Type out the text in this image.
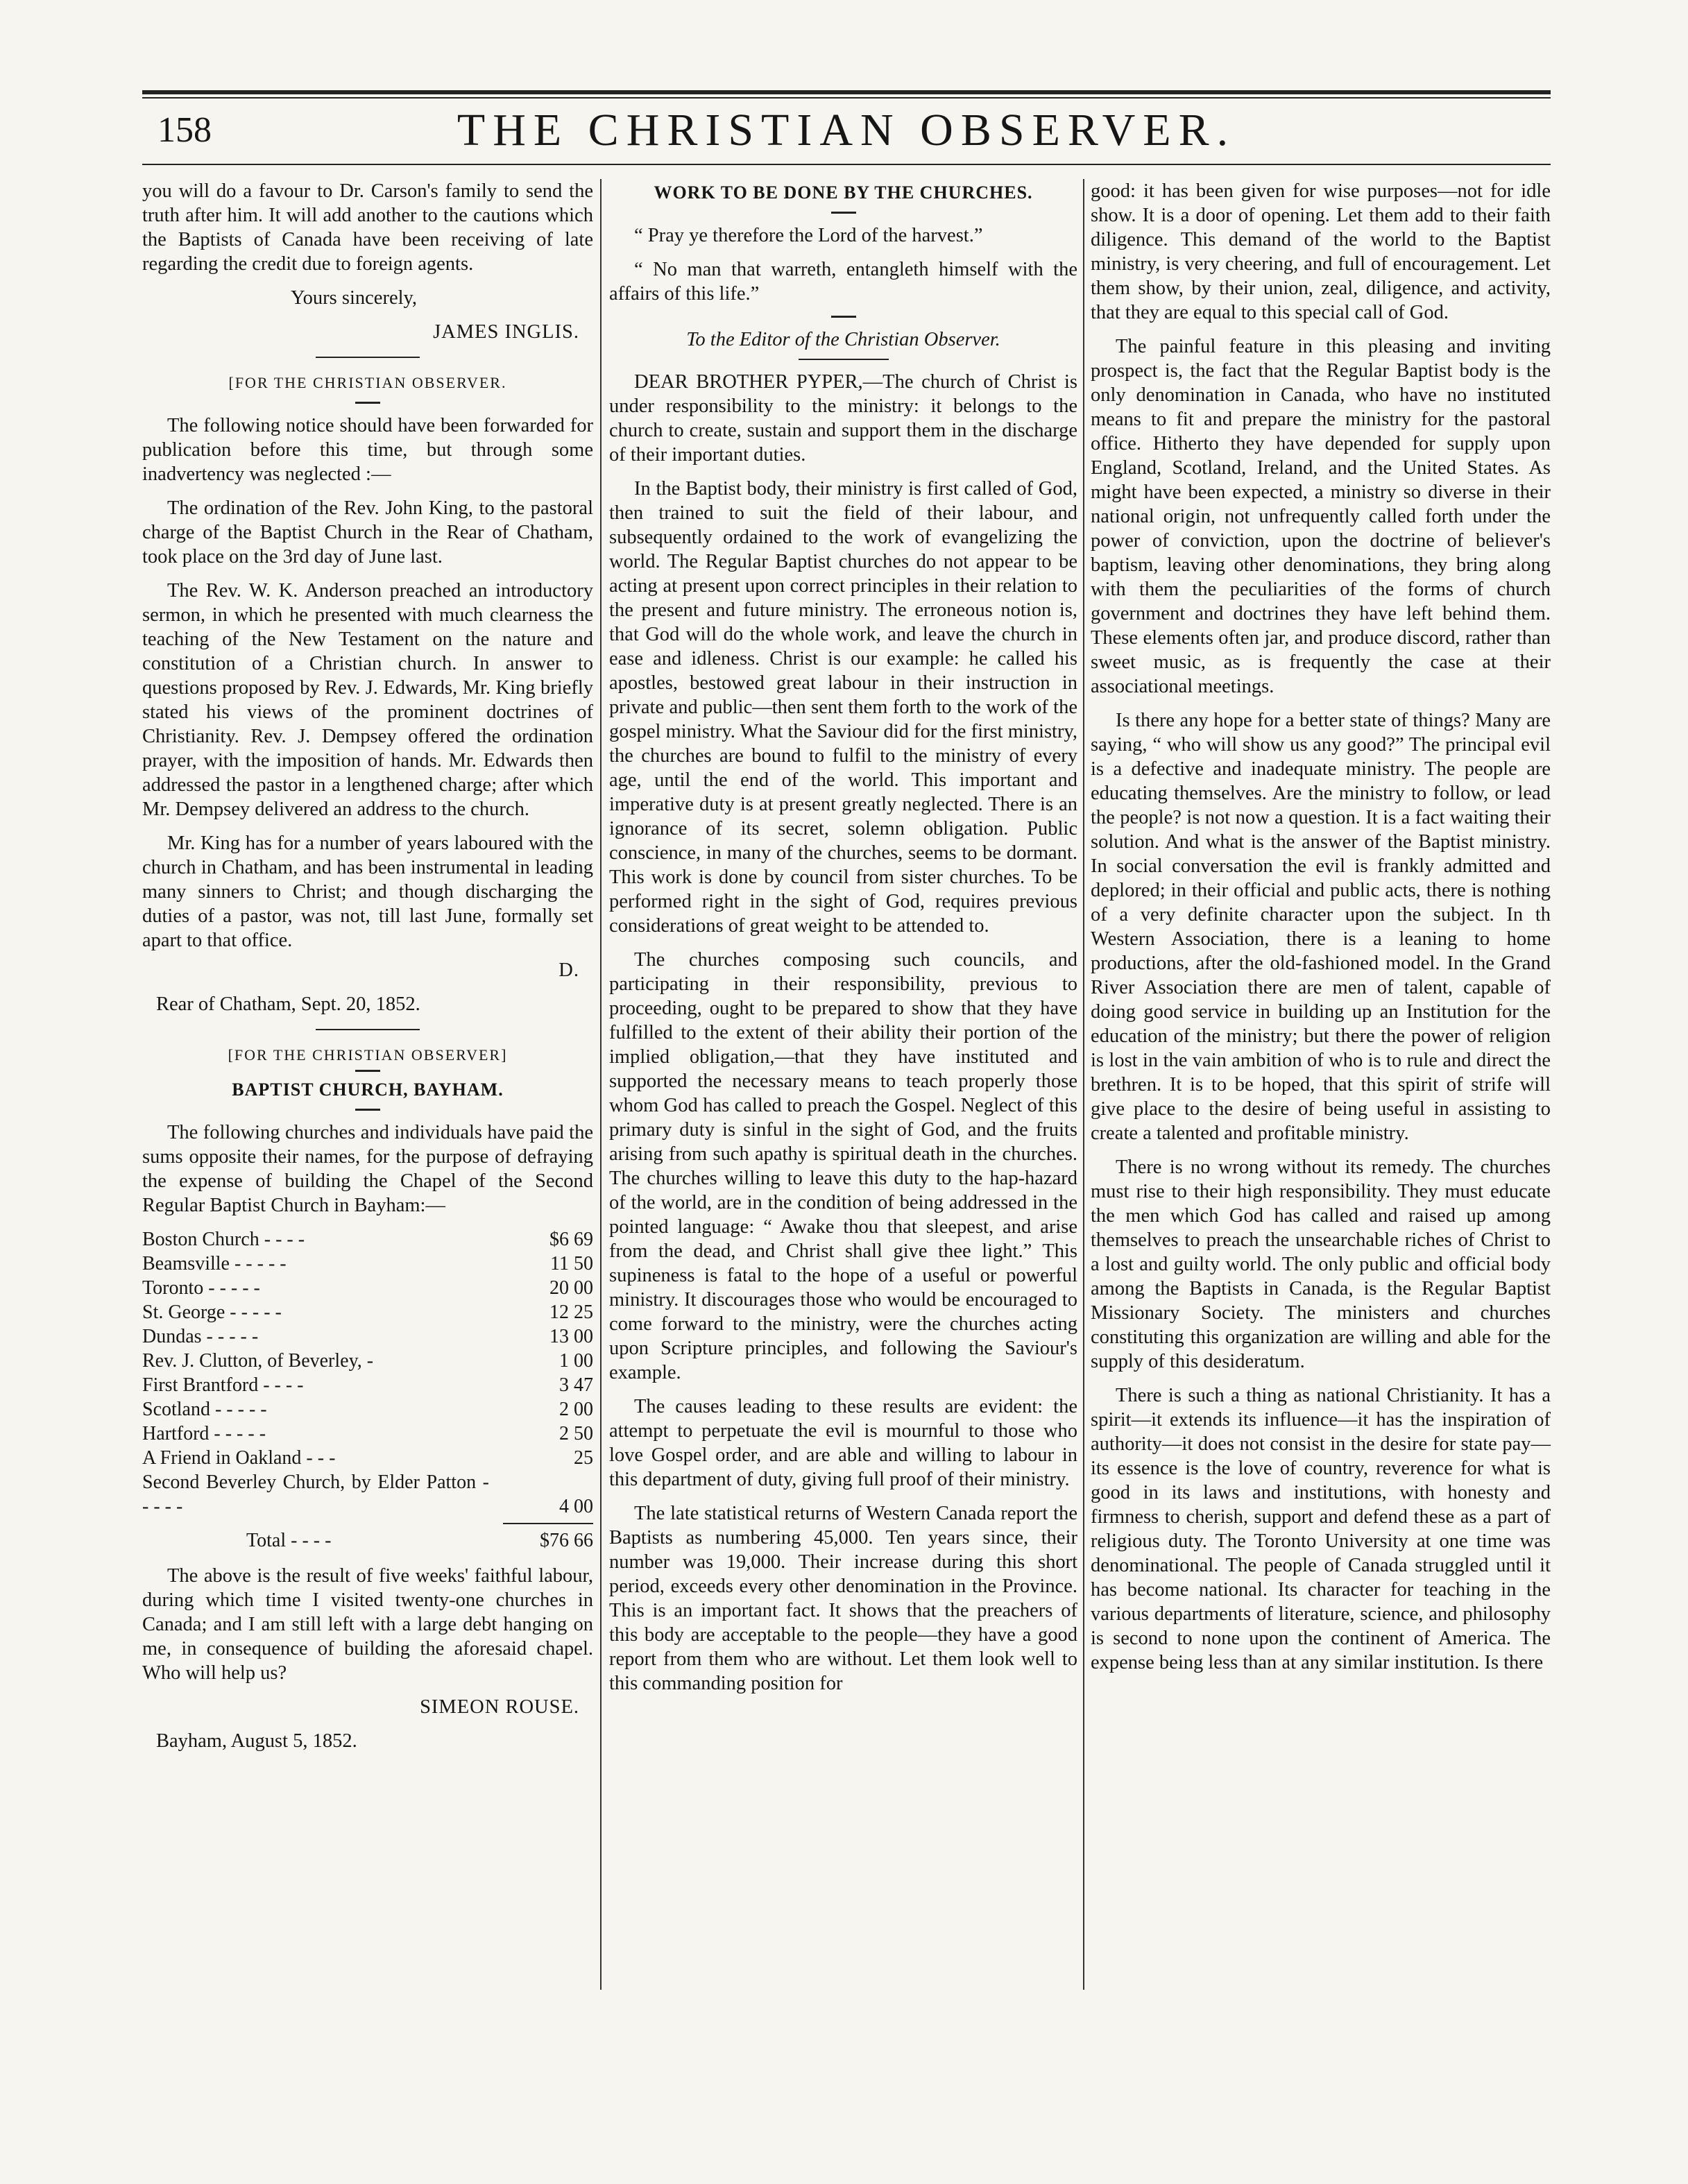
158	THE CHRISTIAN OBSERVER.

you will do a favour to Dr. Carson's family to send the truth after him. It will add another to the cautions which the Baptists of Canada have been receiving of late regarding the credit due to foreign agents.

Yours sincerely,

JAMES INGLIS.
[FOR THE CHRISTIAN OBSERVER.

The following notice should have been forwarded for publication before this time, but through some inadvertency was neglected :—

The ordination of the Rev. John King, to the pastoral charge of the Baptist Church in the Rear of Chatham, took place on the 3rd day of June last.

The Rev. W. K. Anderson preached an introductory sermon, in which he presented with much clearness the teaching of the New Testament on the nature and constitution of a Christian church. In answer to questions proposed by Rev. J. Edwards, Mr. King briefly stated his views of the prominent doctrines of Christianity. Rev. J. Dempsey offered the ordination prayer, with the imposition of hands. Mr. Edwards then addressed the pastor in a lengthened charge; after which Mr. Dempsey delivered an address to the church.

Mr. King has for a number of years laboured with the church in Chatham, and has been instrumental in leading many sinners to Christ; and though discharging the duties of a pastor, was not, till last June, formally set apart to that office.

D.
Rear of Chatham, Sept. 20, 1852.
[FOR THE CHRISTIAN OBSERVER]
BAPTIST CHURCH, BAYHAM.

The following churches and individuals have paid the sums opposite their names, for the purpose of defraying the expense of building the Chapel of the Second Regular Baptist Church in Bayham:—

Boston Church - - - -	$6 69
Beamsville - - - - -	11 50
Toronto - - - - -	20 00
St. George - - - - -	12 25
Dundas - - - - -	13 00
Rev. J. Clutton, of Beverley, -	1 00
First Brantford - - - -	3 47
Scotland - - - - -	2 00
Hartford - - - - -	2 50
A Friend in Oakland - - -	25
Second Beverley Church, by Elder Patton - - - - -	4 00
Total - - - -	$76 66

The above is the result of five weeks' faithful labour, during which time I visited twenty-one churches in Canada; and I am still left with a large debt hanging on me, in consequence of building the aforesaid chapel. Who will help us?

SIMEON ROUSE.
Bayham, August 5, 1852.
WORK TO BE DONE BY THE CHURCHES.

“ Pray ye therefore the Lord of the harvest.”

“ No man that warreth, entangleth himself with the affairs of this life.”

To the Editor of the Christian Observer.

DEAR BROTHER PYPER,—The church of Christ is under responsibility to the ministry: it belongs to the church to create, sustain and support them in the discharge of their important duties.

In the Baptist body, their ministry is first called of God, then trained to suit the field of their labour, and subsequently ordained to the work of evangelizing the world. The Regular Baptist churches do not appear to be acting at present upon correct principles in their relation to the present and future ministry. The erroneous notion is, that God will do the whole work, and leave the church in ease and idleness. Christ is our example: he called his apostles, bestowed great labour in their instruction in private and public—then sent them forth to the work of the gospel ministry. What the Saviour did for the first ministry, the churches are bound to fulfil to the ministry of every age, until the end of the world. This important and imperative duty is at present greatly neglected. There is an ignorance of its secret, solemn obligation. Public conscience, in many of the churches, seems to be dormant. This work is done by council from sister churches. To be performed right in the sight of God, requires previous considerations of great weight to be attended to.

The churches composing such councils, and participating in their responsibility, previous to proceeding, ought to be prepared to show that they have fulfilled to the extent of their ability their portion of the implied obligation,—that they have instituted and supported the necessary means to teach properly those whom God has called to preach the Gospel. Neglect of this primary duty is sinful in the sight of God, and the fruits arising from such apathy is spiritual death in the churches. The churches willing to leave this duty to the hap-hazard of the world, are in the condition of being addressed in the pointed language: “ Awake thou that sleepest, and arise from the dead, and Christ shall give thee light.” This supineness is fatal to the hope of a useful or powerful ministry. It discourages those who would be encouraged to come forward to the ministry, were the churches acting upon Scripture principles, and following the Saviour's example.

The causes leading to these results are evident: the attempt to perpetuate the evil is mournful to those who love Gospel order, and are able and willing to labour in this department of duty, giving full proof of their ministry.

The late statistical returns of Western Canada report the Baptists as numbering 45,000. Ten years since, their number was 19,000. Their increase during this short period, exceeds every other denomination in the Province. This is an important fact. It shows that the preachers of this body are acceptable to the people—they have a good report from them who are without. Let them look well to this commanding position for

good: it has been given for wise purposes—not for idle show. It is a door of opening. Let them add to their faith diligence. This demand of the world to the Baptist ministry, is very cheering, and full of encouragement. Let them show, by their union, zeal, diligence, and activity, that they are equal to this special call of God.

The painful feature in this pleasing and inviting prospect is, the fact that the Regular Baptist body is the only denomination in Canada, who have no instituted means to fit and prepare the ministry for the pastoral office. Hitherto they have depended for supply upon England, Scotland, Ireland, and the United States. As might have been expected, a ministry so diverse in their national origin, not unfrequently called forth under the power of conviction, upon the doctrine of believer's baptism, leaving other denominations, they bring along with them the peculiarities of the forms of church government and doctrines they have left behind them. These elements often jar, and produce discord, rather than sweet music, as is frequently the case at their associational meetings.

Is there any hope for a better state of things? Many are saying, “ who will show us any good?” The principal evil is a defective and inadequate ministry. The people are educating themselves. Are the ministry to follow, or lead the people? is not now a question. It is a fact waiting their solution. And what is the answer of the Baptist ministry. In social conversation the evil is frankly admitted and deplored; in their official and public acts, there is nothing of a very definite character upon the subject. In th Western Association, there is a leaning to home productions, after the old-fashioned model. In the Grand River Association there are men of talent, capable of doing good service in building up an Institution for the education of the ministry; but there the power of religion is lost in the vain ambition of who is to rule and direct the brethren. It is to be hoped, that this spirit of strife will give place to the desire of being useful in assisting to create a talented and profitable ministry.

There is no wrong without its remedy. The churches must rise to their high responsibility. They must educate the men which God has called and raised up among themselves to preach the unsearchable riches of Christ to a lost and guilty world. The only public and official body among the Baptists in Canada, is the Regular Baptist Missionary Society. The ministers and churches constituting this organization are willing and able for the supply of this desideratum.

There is such a thing as national Christianity. It has a spirit—it extends its influence—it has the inspiration of authority—it does not consist in the desire for state pay—its essence is the love of country, reverence for what is good in its laws and institutions, with honesty and firmness to cherish, support and defend these as a part of religious duty. The Toronto University at one time was denominational. The people of Canada struggled until it has become national. Its character for teaching in the various departments of literature, science, and philosophy is second to none upon the continent of America. The expense being less than at any similar institution. Is there
